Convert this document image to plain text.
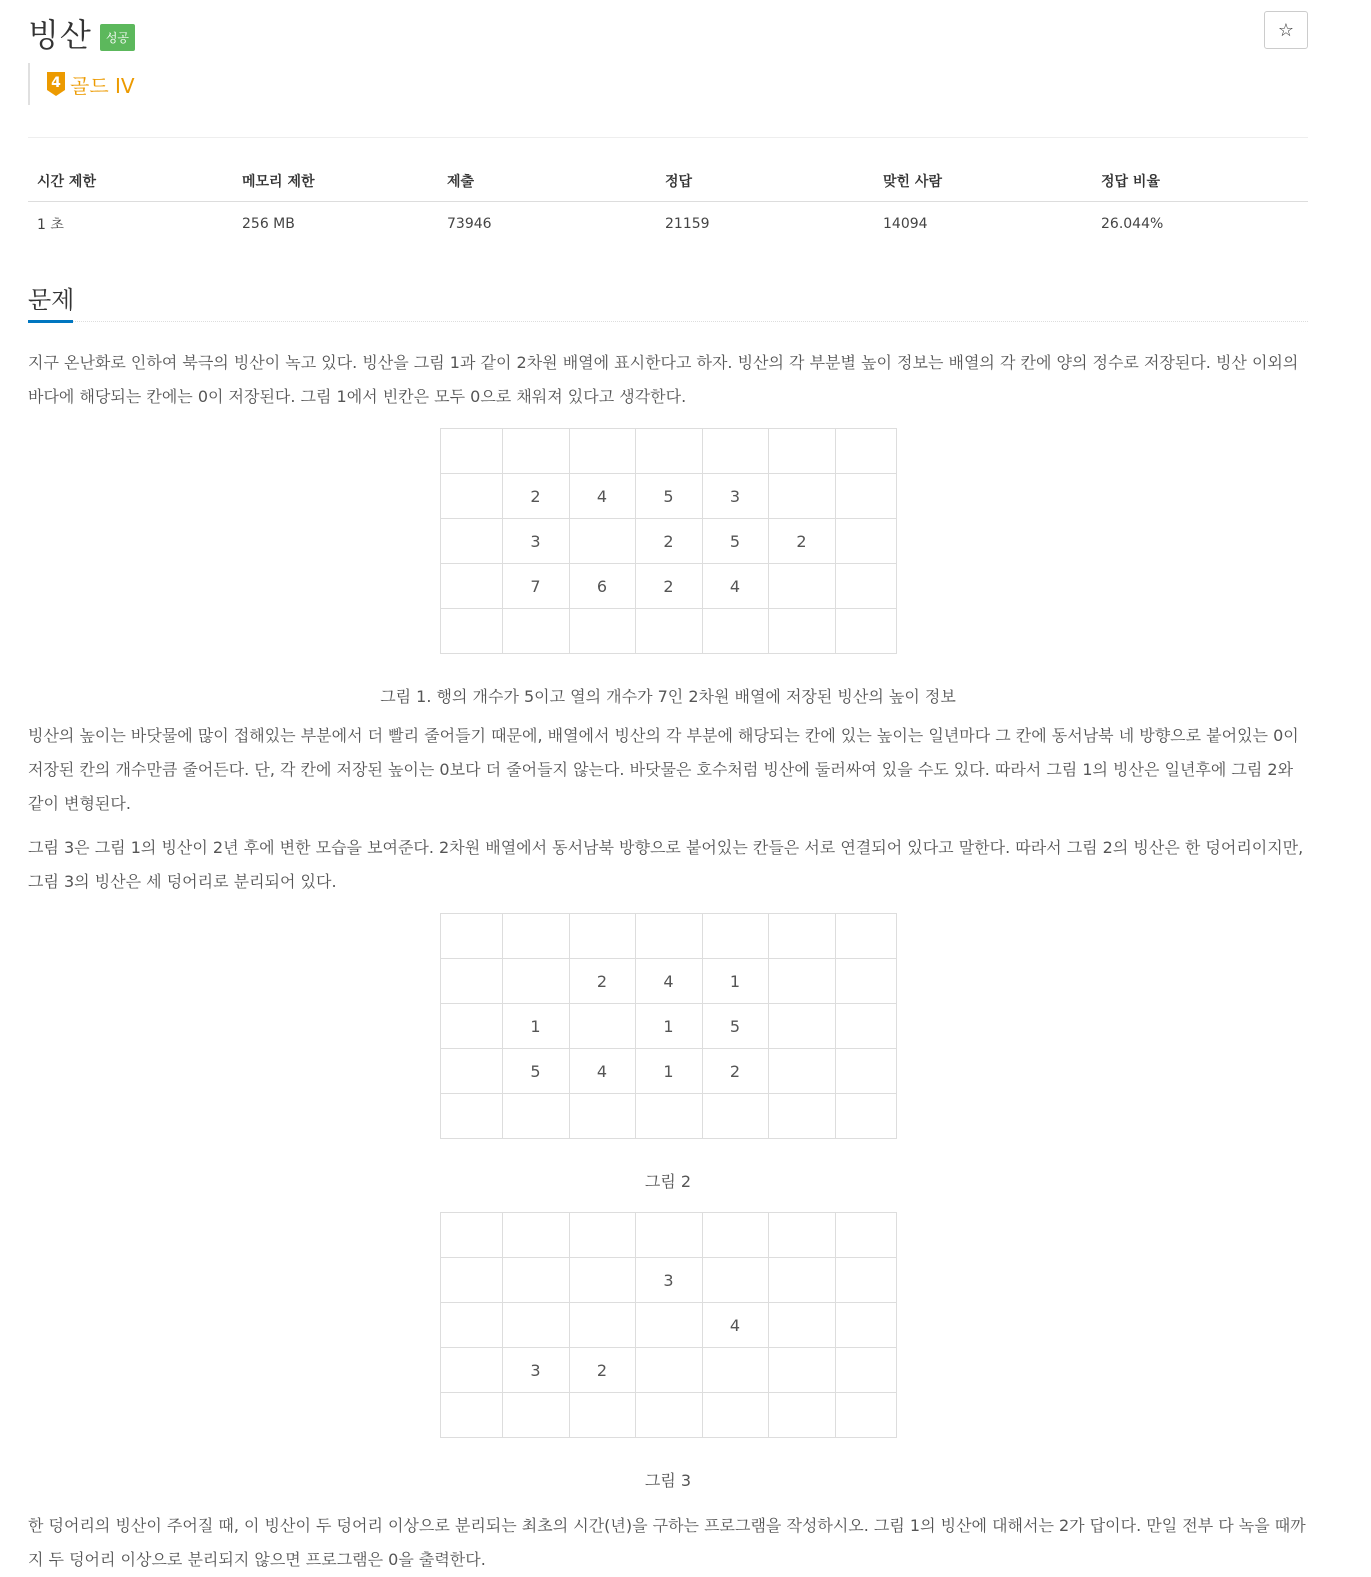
빙산	성공	☆
4 골드 IV
시간 제한	메모리 제한	제출	정답	맞힌 사람	정답 비율
1 초	256 MB	73946	21159	14094	26.044%
문제

지구 온난화로 인하여 북극의 빙산이 녹고 있다. 빙산을 그림 1과 같이 2차원 배열에 표시한다고 하자. 빙산의 각 부분별 높이 정보는 배열의 각 칸에 양의 정수로 저장된다. 빙산 이외의 바다에 해당되는 칸에는 0이 저장된다. 그림 1에서 빈칸은 모두 0으로 채워져 있다고 생각한다.

	2	4	5	3		
	3		2	5	2	
	7	6	2	4		

그림 1. 행의 개수가 5이고 열의 개수가 7인 2차원 배열에 저장된 빙산의 높이 정보

빙산의 높이는 바닷물에 많이 접해있는 부분에서 더 빨리 줄어들기 때문에, 배열에서 빙산의 각 부분에 해당되는 칸에 있는 높이는 일년마다 그 칸에 동서남북 네 방향으로 붙어있는 0이 저장된 칸의 개수만큼 줄어든다. 단, 각 칸에 저장된 높이는 0보다 더 줄어들지 않는다. 바닷물은 호수처럼 빙산에 둘러싸여 있을 수도 있다. 따라서 그림 1의 빙산은 일년후에 그림 2와 같이 변형된다.

그림 3은 그림 1의 빙산이 2년 후에 변한 모습을 보여준다. 2차원 배열에서 동서남북 방향으로 붙어있는 칸들은 서로 연결되어 있다고 말한다. 따라서 그림 2의 빙산은 한 덩어리이지만, 그림 3의 빙산은 세 덩어리로 분리되어 있다.

		2	4	1		
	1		1	5		
	5	4	1	2		

그림 2

			3			
				4		
	3	2				

그림 3

한 덩어리의 빙산이 주어질 때, 이 빙산이 두 덩어리 이상으로 분리되는 최초의 시간(년)을 구하는 프로그램을 작성하시오. 그림 1의 빙산에 대해서는 2가 답이다. 만일 전부 다 녹을 때까지 두 덩어리 이상으로 분리되지 않으면 프로그램은 0을 출력한다.
